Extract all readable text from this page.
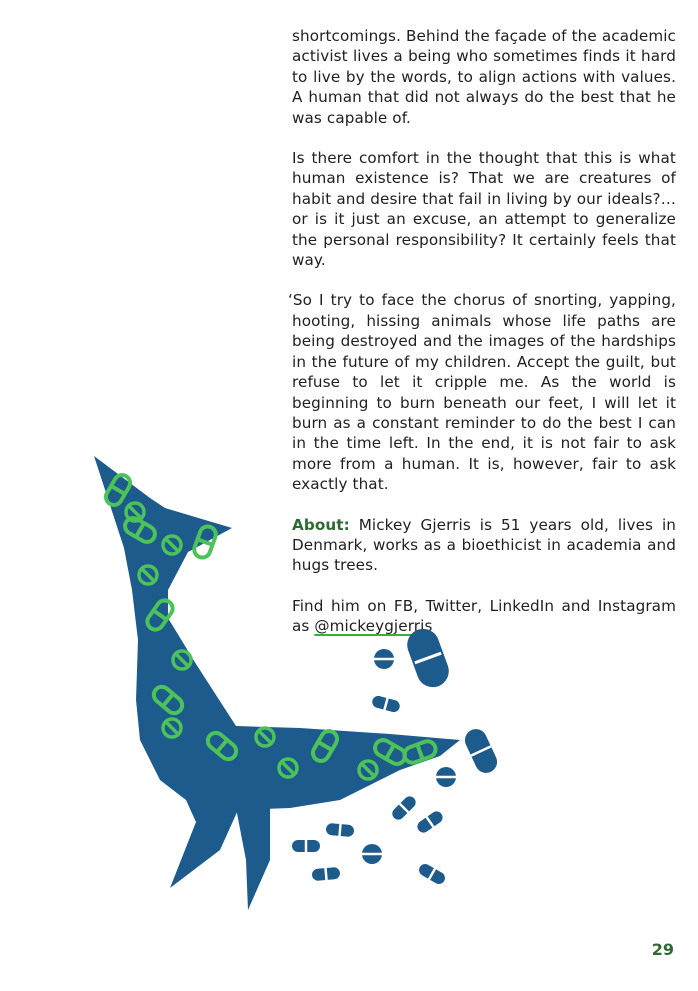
shortcomings. Behind the façade of the academic activist lives a being who sometimes finds it hard to live by the words, to align actions with values. A human that did not always do the best that he was capable of.

Is there comfort in the thought that this is what human existence is? That we are creatures of habit and desire that fail in living by our ideals?… or is it just an excuse, an attempt to generalize the personal responsibility? It certainly feels that way.

‘So I try to face the chorus of snorting, yapping, hooting, hissing animals whose life paths are being destroyed and the images of the hardships in the future of my children. Accept the guilt, but refuse to let it cripple me. As the world is beginning to burn beneath our feet, I will let it burn as a constant reminder to do the best I can in the time left. In the end, it is not fair to ask more from a human. It is, however, fair to ask exactly that.

About: Mickey Gjerris is 51 years old, lives in Denmark, works as a bioethicist in academia and hugs trees.

Find him on FB, Twitter, LinkedIn and Instagram as @mickeygjerris

29
